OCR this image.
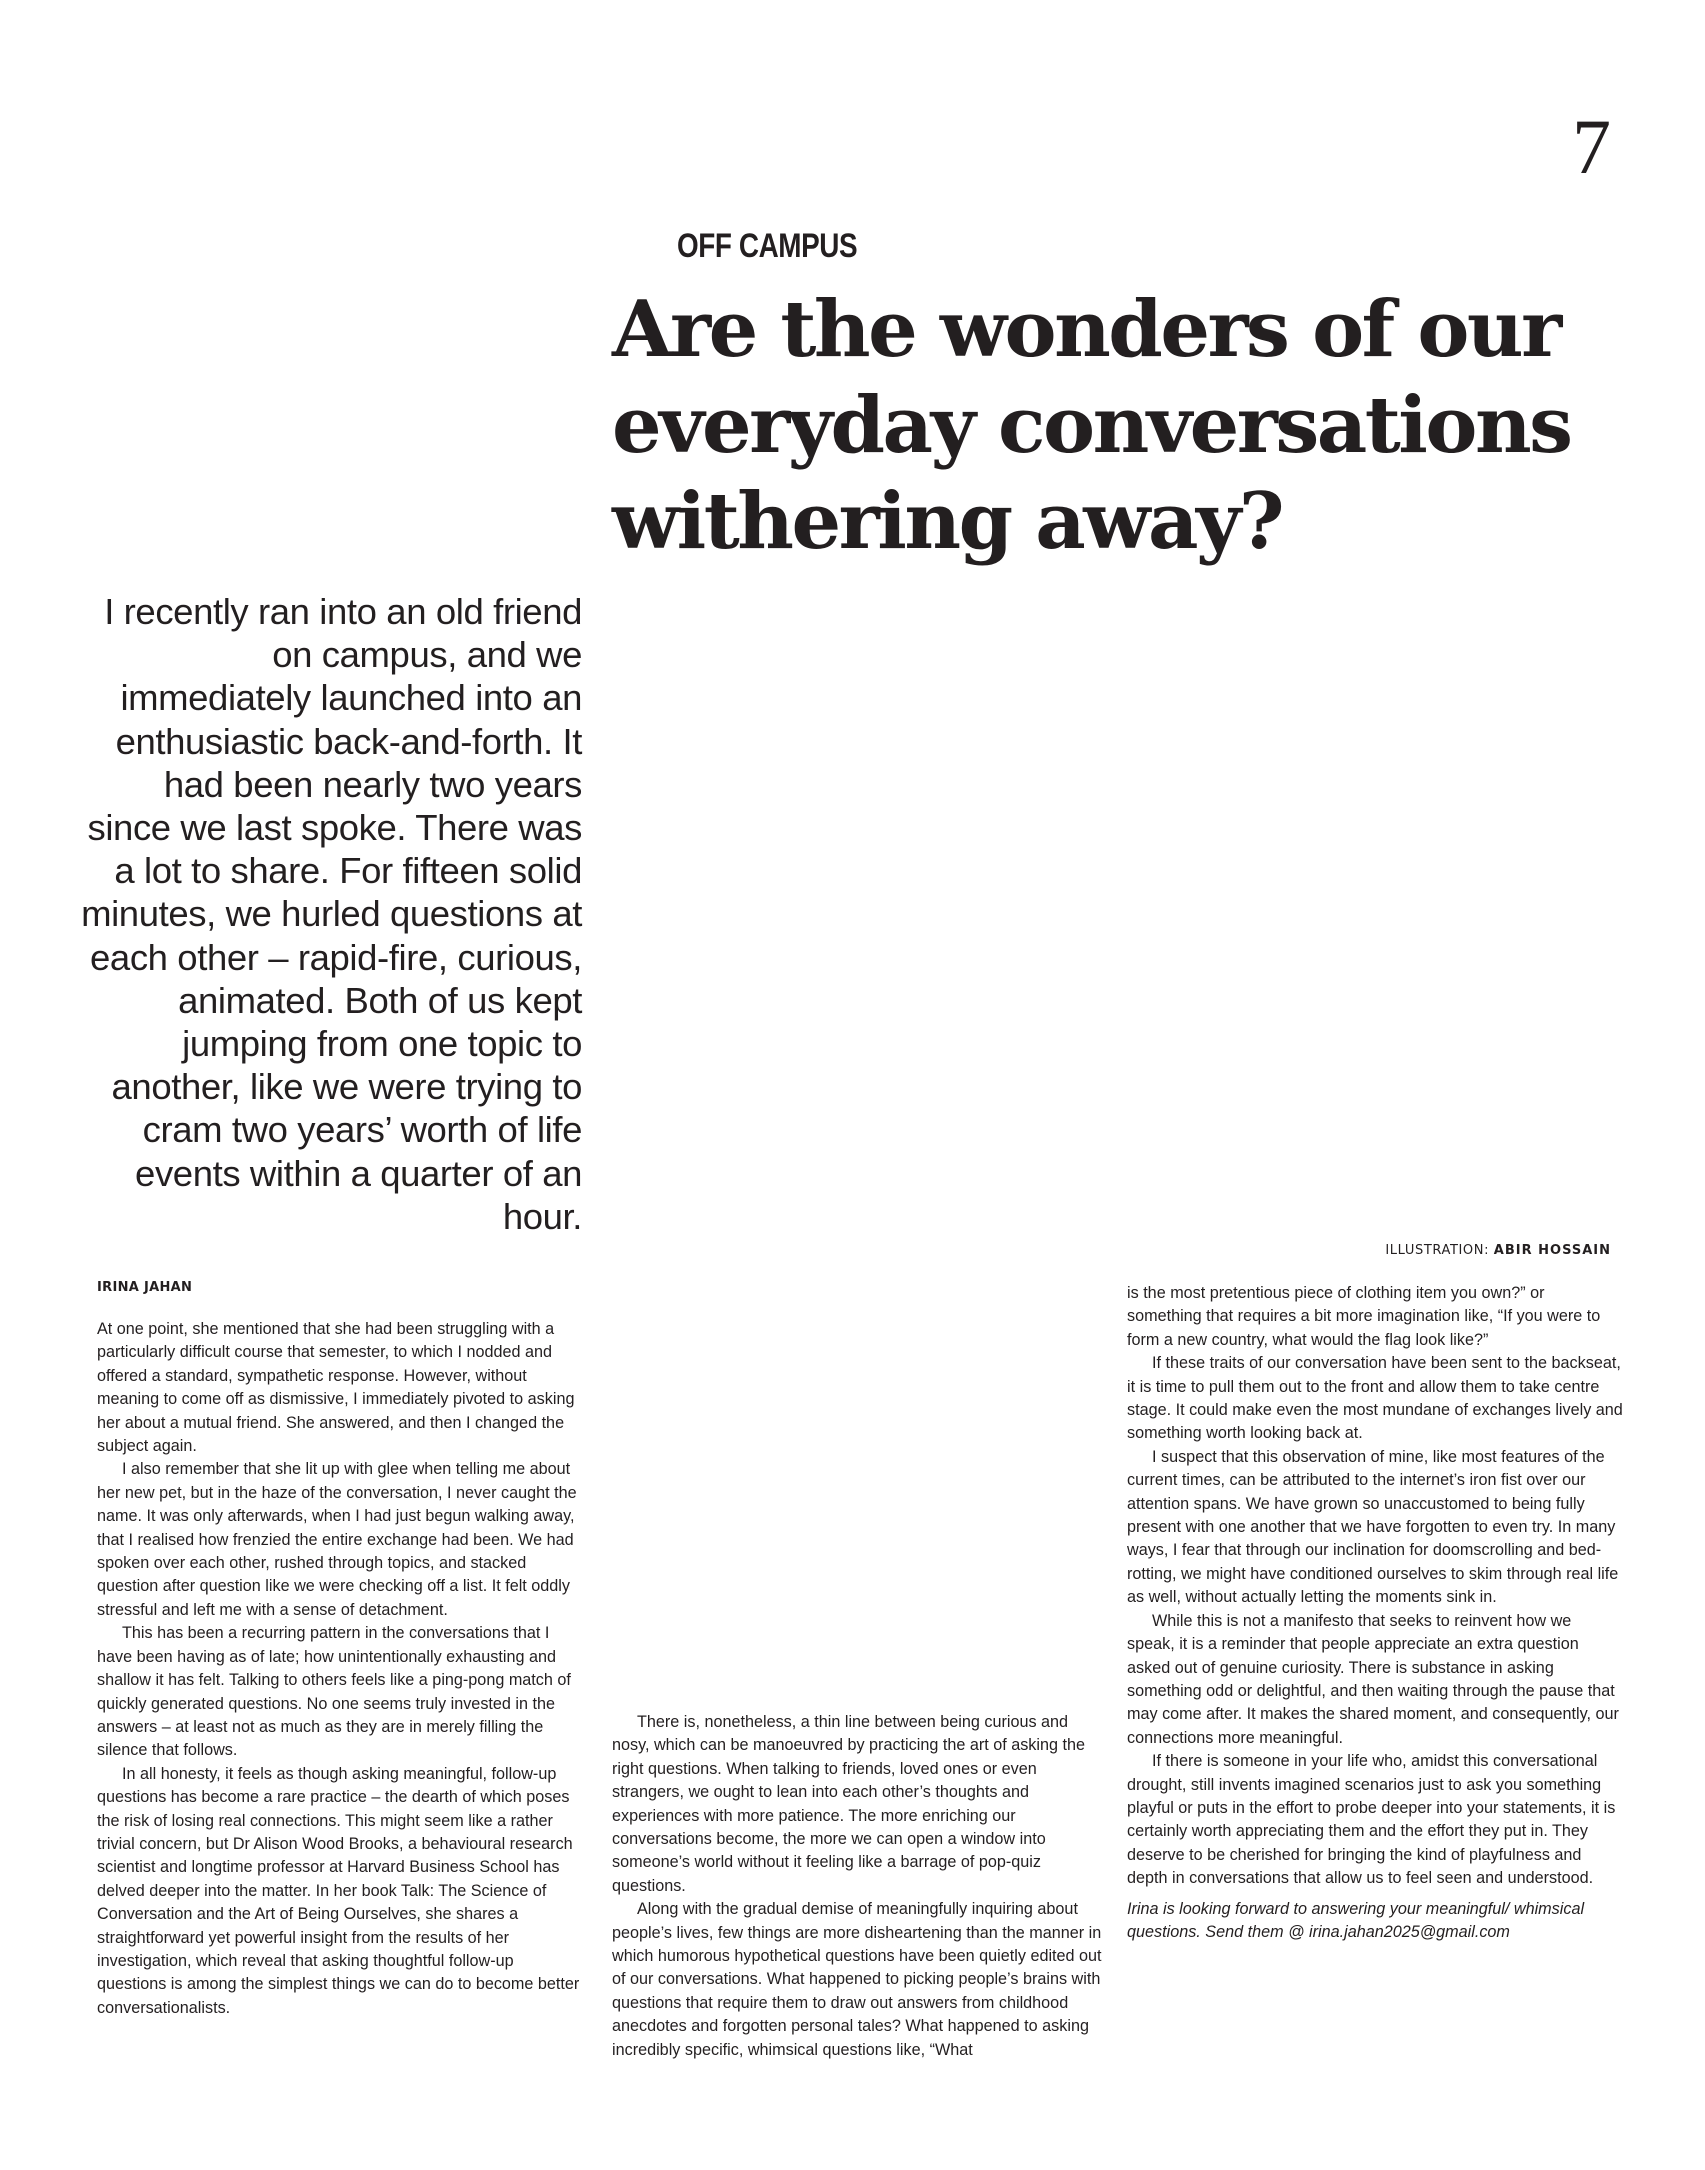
7
OFF CAMPUS
Are the wonders of our everyday conversations withering away?

I recently ran into an old friend on campus, and we immediately launched into an enthusiastic back-and-forth. It had been nearly two years since we last spoke. There was a lot to share. For fifteen solid minutes, we hurled questions at each other – rapid-fire, curious, animated. Both of us kept jumping from one topic to another, like we were trying to cram two years’ worth of life events within a quarter of an hour.

ILLUSTRATION: ABIR HOSSAIN
IRINA JAHAN

At one point, she mentioned that she had been struggling with a particularly difficult course that semester, to which I nodded and offered a standard, sympathetic response. However, without meaning to come off as dismissive, I immediately pivoted to asking her about a mutual friend. She answered, and then I changed the subject again.

I also remember that she lit up with glee when telling me about her new pet, but in the haze of the conversation, I never caught the name. It was only afterwards, when I had just begun walking away, that I realised how frenzied the entire exchange had been. We had spoken over each other, rushed through topics, and stacked question after question like we were checking off a list. It felt oddly stressful and left me with a sense of detachment.

This has been a recurring pattern in the conversations that I have been having as of late; how unintentionally exhausting and shallow it has felt. Talking to others feels like a ping-pong match of quickly generated questions. No one seems truly invested in the answers – at least not as much as they are in merely filling the silence that follows.

In all honesty, it feels as though asking meaningful, follow-up questions has become a rare practice – the dearth of which poses the risk of losing real connections. This might seem like a rather trivial concern, but Dr Alison Wood Brooks, a behavioural research scientist and longtime professor at Harvard Business School has delved deeper into the matter. In her book Talk: The Science of Conversation and the Art of Being Ourselves, she shares a straightforward yet powerful insight from the results of her investigation, which reveal that asking thoughtful follow-up questions is among the simplest things we can do to become better conversationalists.

There is, nonetheless, a thin line between being curious and nosy, which can be manoeuvred by practicing the art of asking the right questions. When talking to friends, loved ones or even strangers, we ought to lean into each other’s thoughts and experiences with more patience. The more enriching our conversations become, the more we can open a window into someone’s world without it feeling like a barrage of pop-quiz questions.

Along with the gradual demise of meaningfully inquiring about people’s lives, few things are more disheartening than the manner in which humorous hypothetical questions have been quietly edited out of our conversations. What happened to picking people’s brains with questions that require them to draw out answers from childhood anecdotes and forgotten personal tales? What happened to asking incredibly specific, whimsical questions like, “What

is the most pretentious piece of clothing item you own?” or something that requires a bit more imagination like, “If you were to form a new country, what would the flag look like?”

If these traits of our conversation have been sent to the backseat, it is time to pull them out to the front and allow them to take centre stage. It could make even the most mundane of exchanges lively and something worth looking back at.

I suspect that this observation of mine, like most features of the current times, can be attributed to the internet’s iron fist over our attention spans. We have grown so unaccustomed to being fully present with one another that we have forgotten to even try. In many ways, I fear that through our inclination for doomscrolling and bed-rotting, we might have conditioned ourselves to skim through real life as well, without actually letting the moments sink in.

While this is not a manifesto that seeks to reinvent how we speak, it is a reminder that people appreciate an extra question asked out of genuine curiosity. There is substance in asking something odd or delightful, and then waiting through the pause that may come after. It makes the shared moment, and consequently, our connections more meaningful.

If there is someone in your life who, amidst this conversational drought, still invents imagined scenarios just to ask you something playful or puts in the effort to probe deeper into your statements, it is certainly worth appreciating them and the effort they put in. They deserve to be cherished for bringing the kind of playfulness and depth in conversations that allow us to feel seen and understood.

Irina is looking forward to answering your meaningful/ whimsical questions. Send them @ irina.jahan2025@gmail.com
